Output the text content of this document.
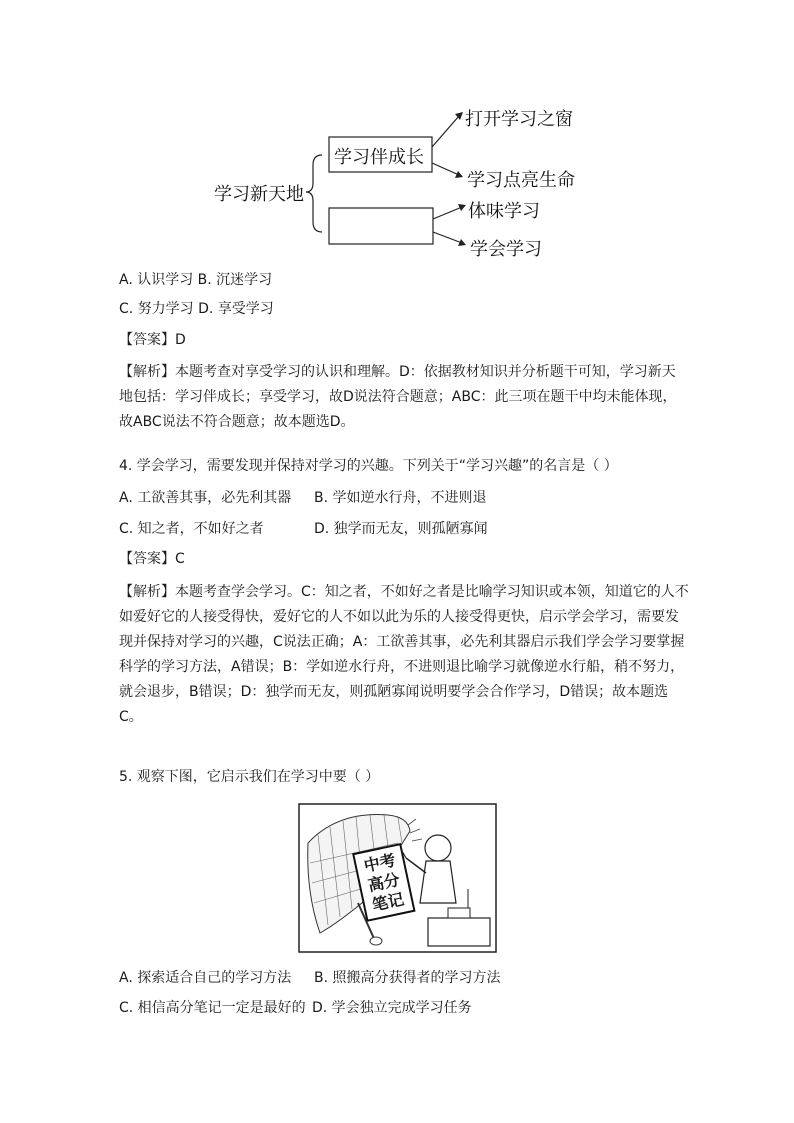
学习新天地
学习伴成长
打开学习之窗
学习点亮生命
体味学习
学会学习
A. 认识学习 B. 沉迷学习
C. 努力学习 D. 享受学习
【答案】D
【解析】本题考查对享受学习的认识和理解。D：依据教材知识并分析题干可知，学习新天地包括：学习伴成长；享受学习，故D说法符合题意；ABC：此三项在题干中均未能体现，故ABC说法不符合题意；故本题选D。
4. 学会学习，需要发现并保持对学习的兴趣。下列关于“学习兴趣”的名言是（ ）
A. 工欲善其事，必先利其器 B. 学如逆水行舟，不进则退
C. 知之者，不如好之者	D. 独学而无友，则孤陋寡闻
【答案】C
【解析】本题考查学会学习。C：知之者，不如好之者是比喻学习知识或本领，知道它的人不如爱好它的人接受得快，爱好它的人不如以此为乐的人接受得更快，启示学会学习，需要发现并保持对学习的兴趣，C说法正确；A：工欲善其事，必先利其器启示我们学会学习要掌握科学的学习方法，A错误；B：学如逆水行舟，不进则退比喻学习就像逆水行船，稍不努力，就会退步，B错误；D：独学而无友，则孤陋寡闻说明要学会合作学习，D错误；故本题选C。
5. 观察下图，它启示我们在学习中要（ ）
中考
高分
笔记
A. 探索适合自己的学习方法 B. 照搬高分获得者的学习方法
C. 相信高分笔记一定是最好的 D. 学会独立完成学习任务
